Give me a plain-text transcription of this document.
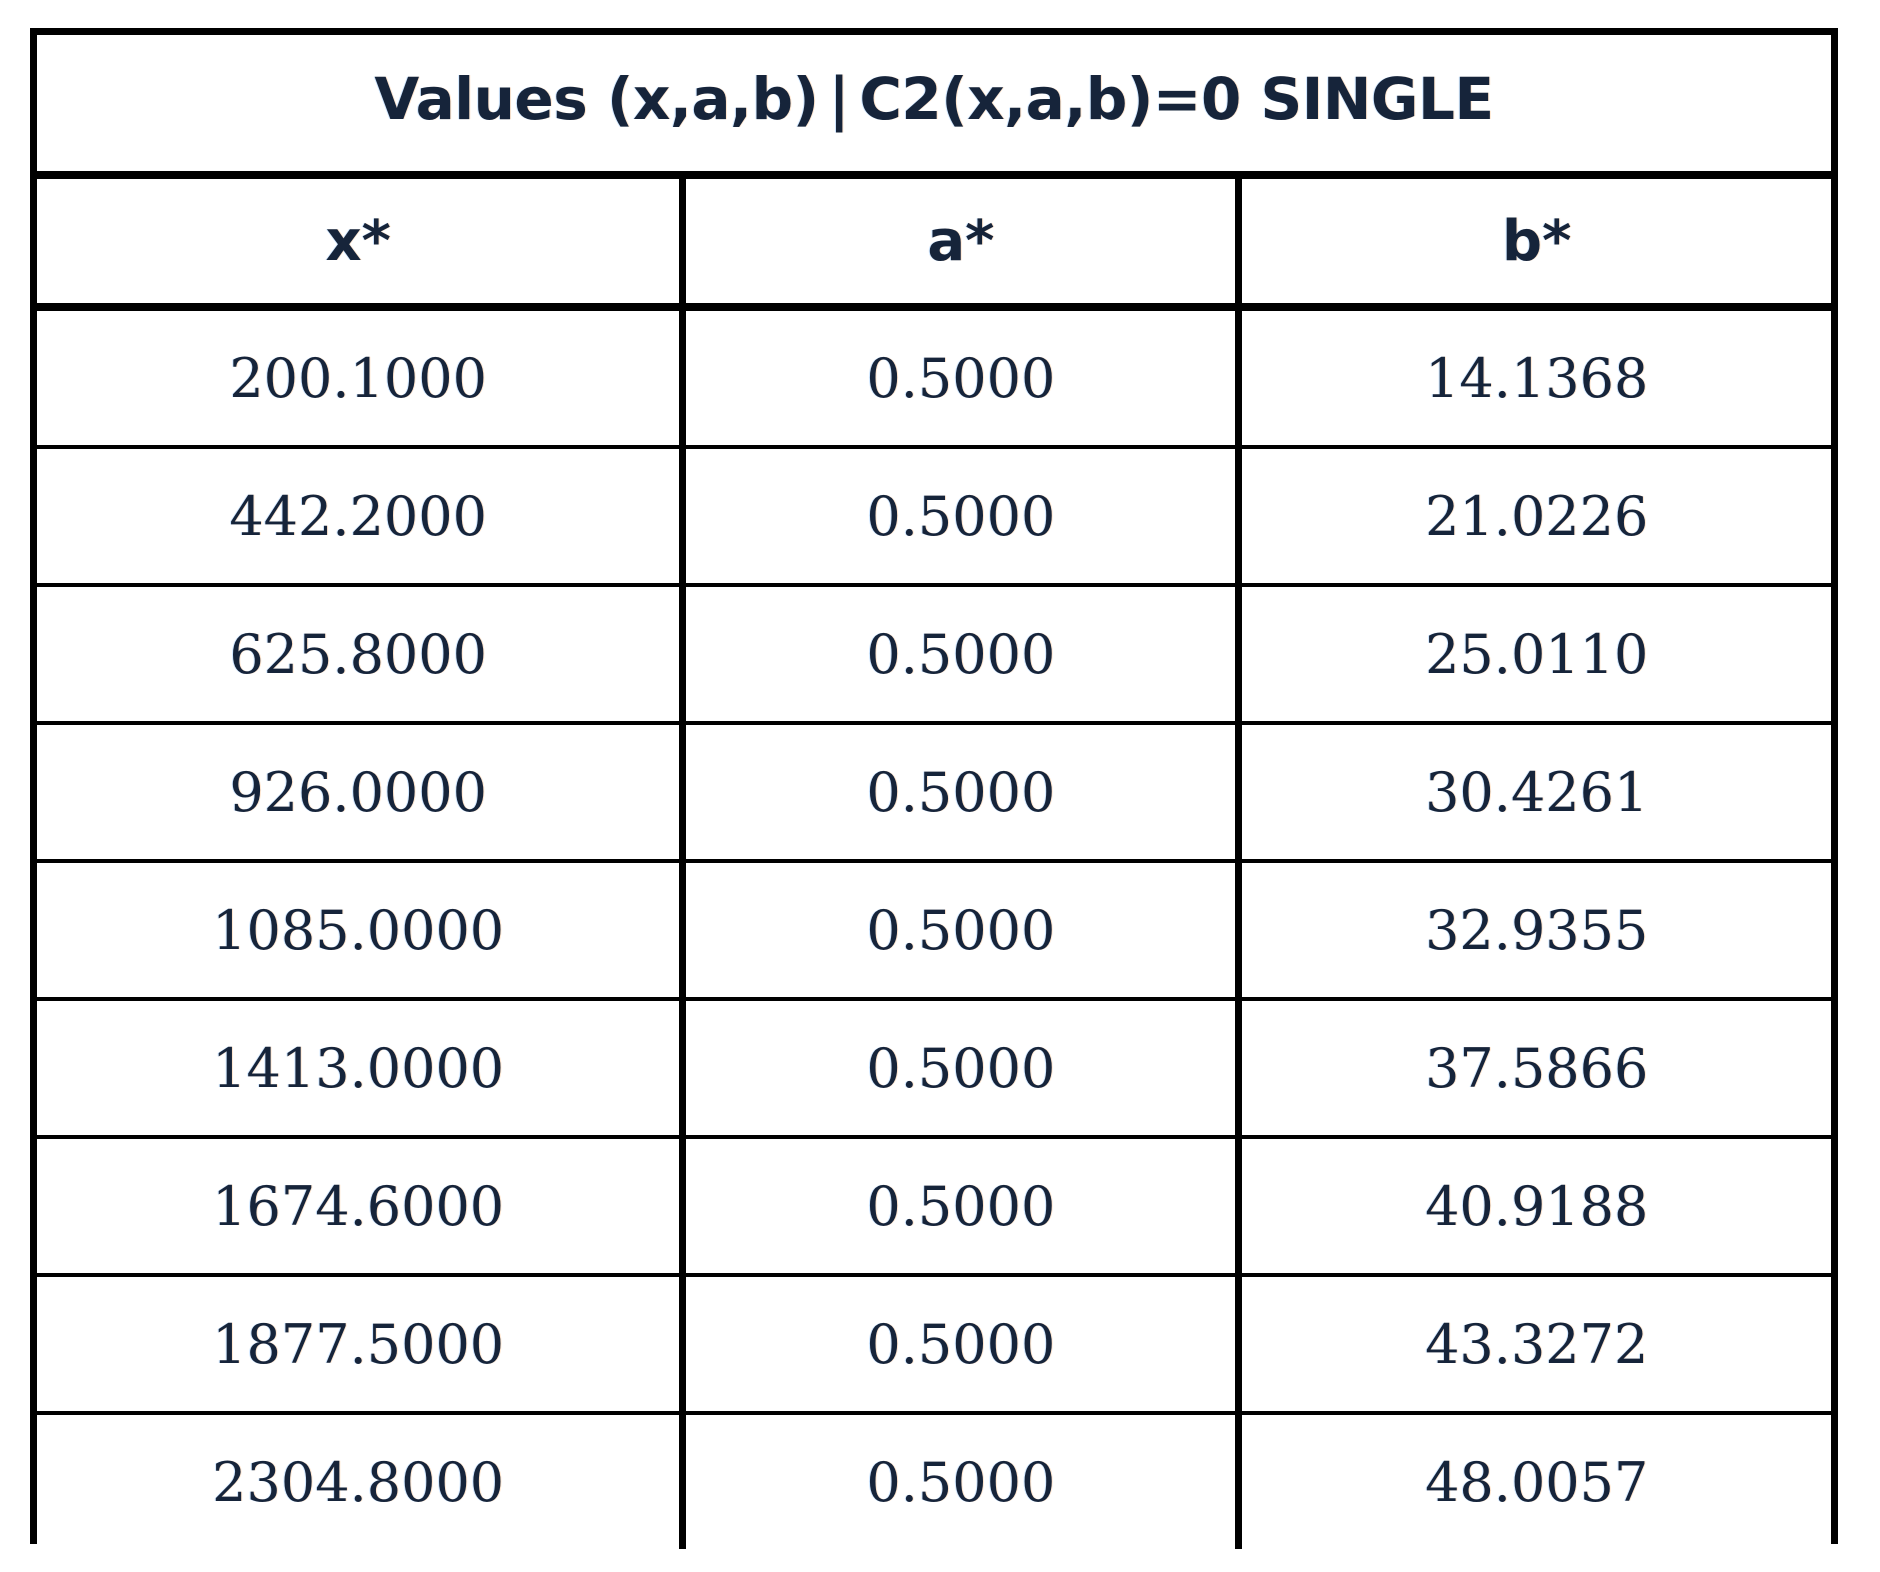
Values (x,a,b) | C2(x,a,b)=0 SINGLE		
x*	a*	b*
200.1000	0.5000	14.1368
442.2000	0.5000	21.0226
625.8000	0.5000	25.0110
926.0000	0.5000	30.4261
1085.0000	0.5000	32.9355
1413.0000	0.5000	37.5866
1674.6000	0.5000	40.9188
1877.5000	0.5000	43.3272
2304.8000	0.5000	48.0057
